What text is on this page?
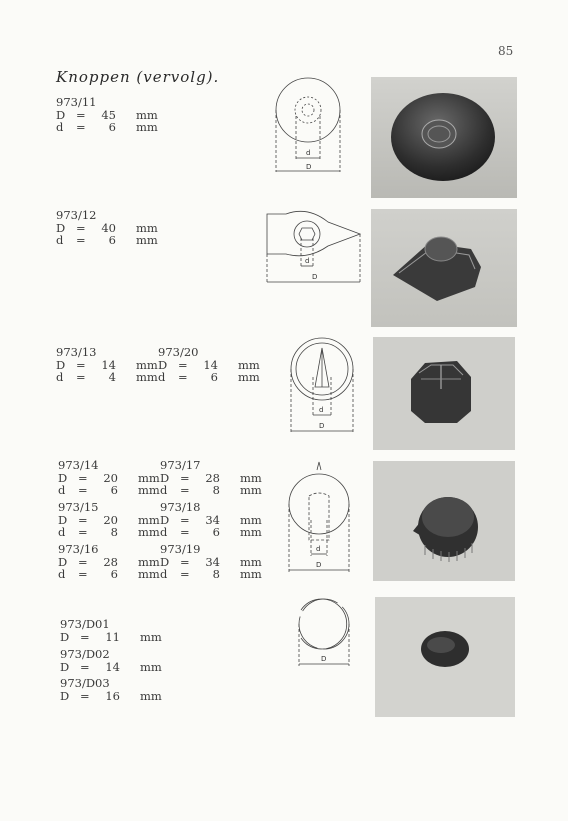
85
Knoppen (vervolg).
973/11
D = 45 mm
d = 6 mm
973/12
D = 40 mm
d = 6 mm
973/13
D = 14 mm
d = 4 mm
973/20
D = 14 mm
d = 6 mm
973/14
D = 20 mm
d = 6 mm
973/17
D = 28 mm
d = 8 mm
973/15
D = 20 mm
d = 8 mm
973/18
D = 34 mm
d = 6 mm
973/16
D = 28 mm
d = 6 mm
973/19
D = 34 mm
d = 8 mm
973/D01
D = 11 mm
973/D02
D = 14 mm
973/D03
D = 16 mm
d
D
d
D
d
D
d
D
D
